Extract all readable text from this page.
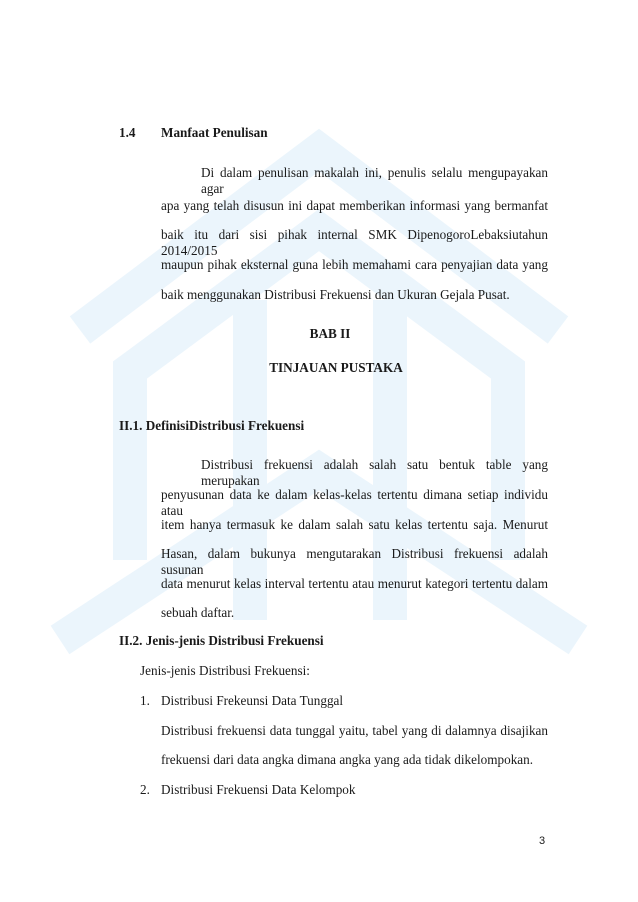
1.4 Manfaat Penulisan
Di dalam penulisan makalah ini, penulis selalu mengupayakan agar
apa yang telah disusun ini dapat memberikan informasi yang bermanfat
baik itu dari sisi pihak internal SMK DipenogoroLebaksiutahun 2014/2015
maupun pihak eksternal guna lebih memahami cara penyajian data yang
baik menggunakan Distribusi Frekuensi dan Ukuran Gejala Pusat.
BAB II
TINJAUAN PUSTAKA
II.1. DefinisiDistribusi Frekuensi
Distribusi frekuensi adalah salah satu bentuk table yang merupakan
penyusunan data ke dalam kelas-kelas tertentu dimana setiap individu atau
item hanya termasuk ke dalam salah satu kelas tertentu saja. Menurut
Hasan, dalam bukunya mengutarakan Distribusi frekuensi adalah susunan
data menurut kelas interval tertentu atau menurut kategori tertentu dalam
sebuah daftar.
II.2. Jenis-jenis Distribusi Frekuensi
Jenis-jenis Distribusi Frekuensi:
1. Distribusi Frekeunsi Data Tunggal
Distribusi frekuensi data tunggal yaitu, tabel yang di dalamnya disajikan
frekuensi dari data angka dimana angka yang ada tidak dikelompokan.
2. Distribusi Frekuensi Data Kelompok
3
